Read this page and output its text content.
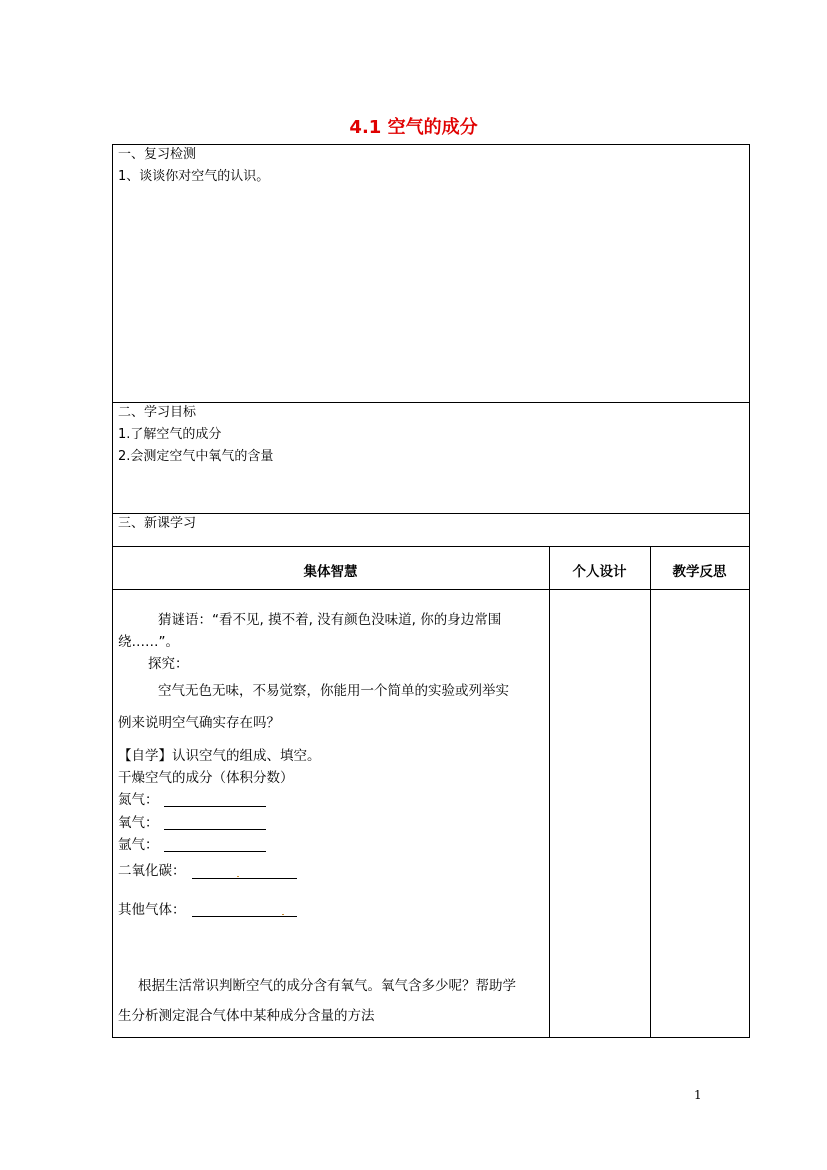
4.1 空气的成分
一、复习检测
1、谈谈你对空气的认识。
二、学习目标
1.了解空气的成分
2.会测定空气中氧气的含量
三、新课学习
集体智慧	个人设计	教学反思
猜谜语：“看不见, 摸不着, 没有颜色没味道, 你的身边常围
绕……”。
探究：
空气无色无味，不易觉察，你能用一个简单的实验或列举实
例来说明空气确实存在吗？
【自学】认识空气的组成、填空。
干燥空气的成分（体积分数）
氮气：
氧气：
氩气：
二氧化碳：
其他气体：
根据生活常识判断空气的成分含有氧气。氧气含多少呢？帮助学
生分析测定混合气体中某种成分含量的方法
1
